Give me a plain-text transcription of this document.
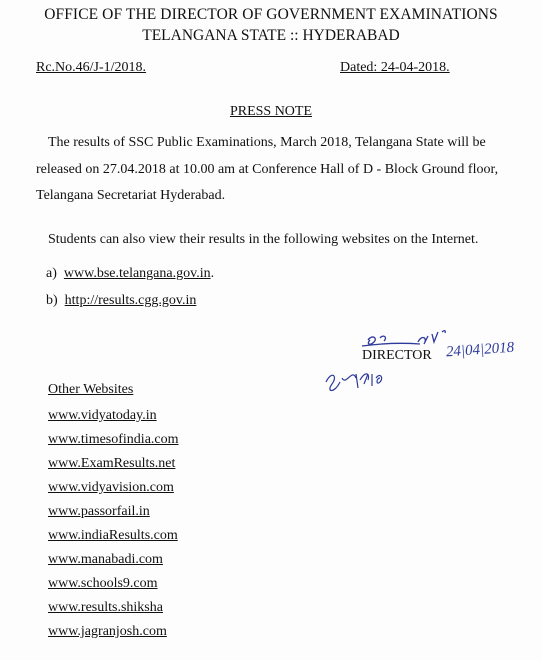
OFFICE OF THE DIRECTOR OF GOVERNMENT EXAMINATIONS
TELANGANA STATE :: HYDERABAD
Rc.No.46/J-1/2018.	Dated: 24-04-2018.
PRESS NOTE
The results of SSC Public Examinations, March 2018, Telangana State will be released on 27.04.2018 at 10.00 am at Conference Hall of D - Block Ground floor, Telangana Secretariat Hyderabad.
Students can also view their results in the following websites on the Internet.
a) www.bse.telangana.gov.in.
b) http://results.cgg.gov.in
DIRECTOR 24|04|2018
Other Websites
www.vidyatoday.in
www.timesofindia.com
www.ExamResults.net
www.vidyavision.com
www.passorfail.in
www.indiaResults.com
www.manabadi.com
www.schools9.com
www.results.shiksha
www.jagranjosh.com
